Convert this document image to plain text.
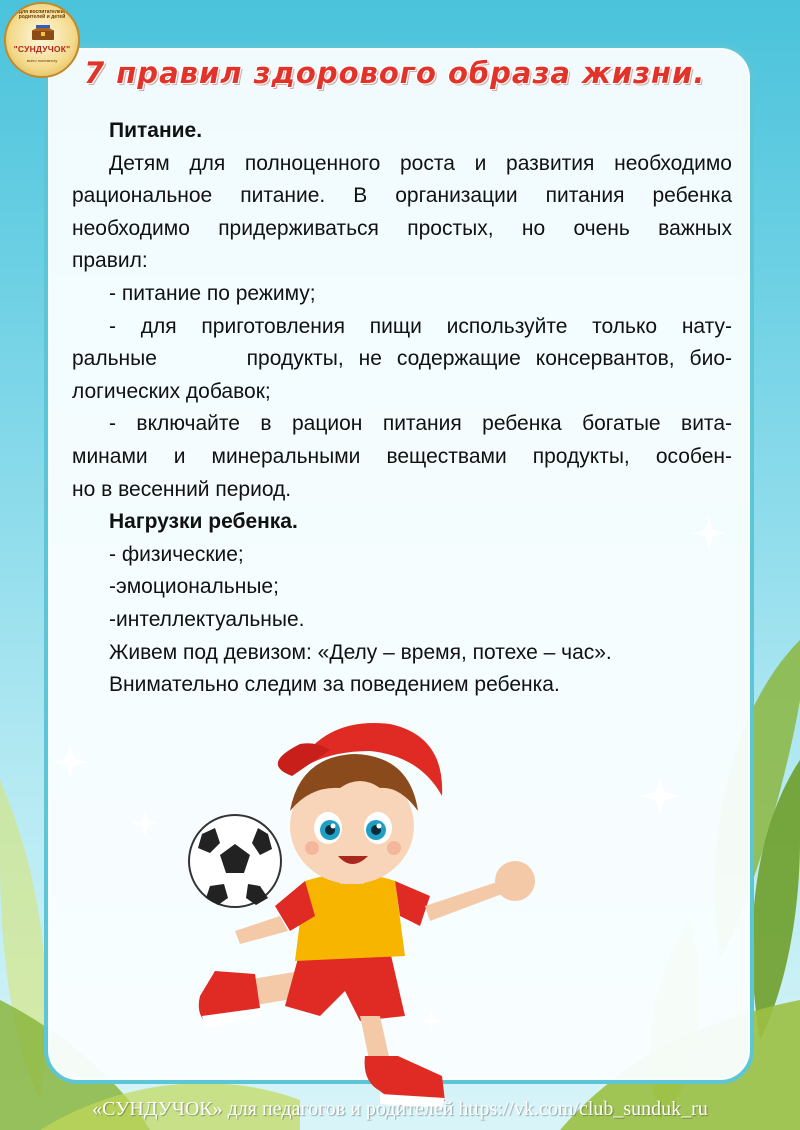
для воспитателей, родителей и детей
"СУНДУЧОК"
всего понемногу 7 правил здорового образа жизни.

Питание.

Детям для полноценного роста и развития необходимо

рациональное питание. В организации питания ребенка

необходимо придерживаться простых, но очень важных

правил:

- питание по режиму;

- для приготовления пищи используйте только нату-

ральные      продукты, не содержащие консервантов, био-

логических добавок;

- включайте в рацион питания ребенка богатые вита-

минами и минеральными веществами продукты, особен-

но в весенний период.

Нагрузки ребенка.

- физические;

-эмоциональные;

-интеллектуальные.

Живем под девизом: «Делу – время, потехе – час».

Внимательно следим за поведением ребенка.

«СУНДУЧОК» для педагогов и родителей https://vk.com/club_sunduk_ru
